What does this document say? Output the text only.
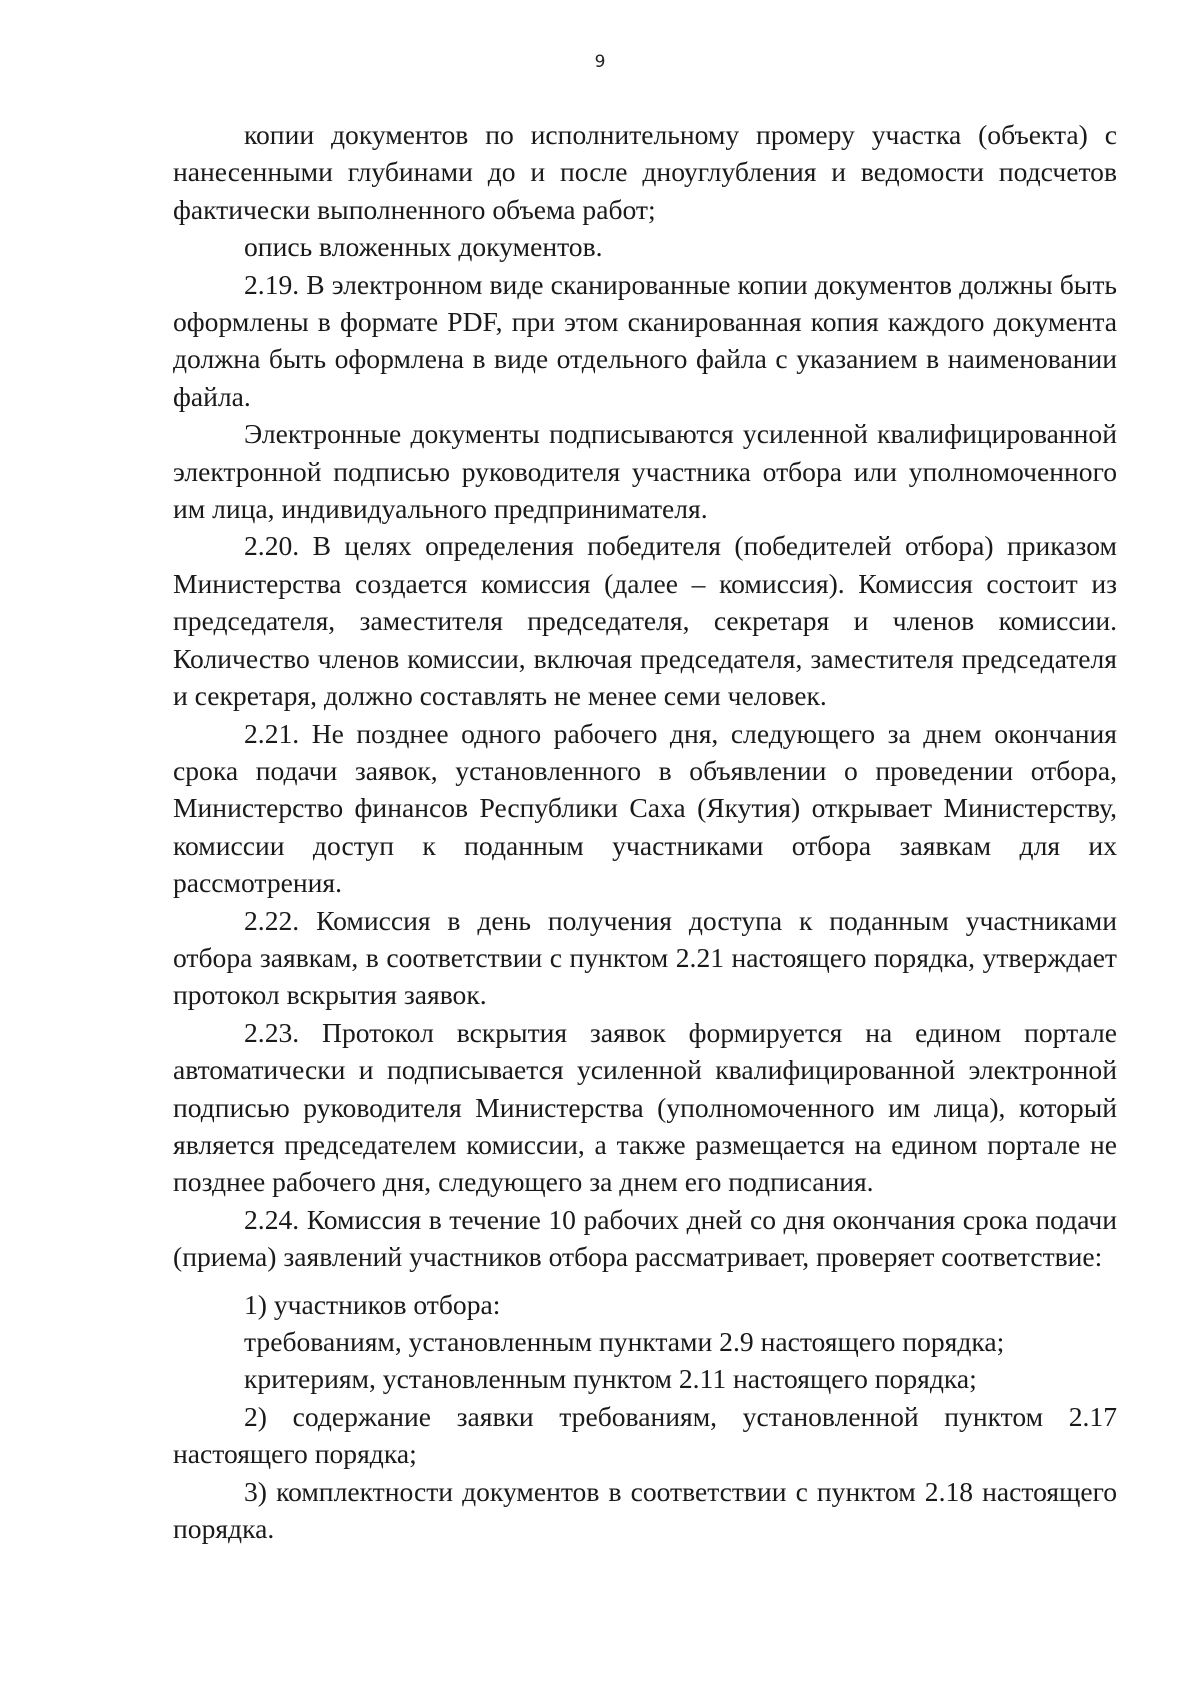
9

копии документов по исполнительному промеру участка (объекта) с нанесенными глубинами до и после дноуглубления и ведомости подсчетов фактически выполненного объема работ;

опись вложенных документов.

2.19. В электронном виде сканированные копии документов должны быть оформлены в формате PDF, при этом сканированная копия каждого документа должна быть оформлена в виде отдельного файла с указанием в наименовании файла.

Электронные документы подписываются усиленной квалифицированной электронной подписью руководителя участника отбора или уполномоченного им лица, индивидуального предпринимателя.

2.20. В целях определения победителя (победителей отбора) приказом Министерства создается комиссия (далее – комиссия). Комиссия состоит из председателя, заместителя председателя, секретаря и членов комиссии. Количество членов комиссии, включая председателя, заместителя председателя и секретаря, должно составлять не менее семи человек.

2.21. Не позднее одного рабочего дня, следующего за днем окончания срока подачи заявок, установленного в объявлении о проведении отбора, Министерство финансов Республики Саха (Якутия) открывает Министерству, комиссии доступ к поданным участниками отбора заявкам для их рассмотрения.

2.22. Комиссия в день получения доступа к поданным участниками отбора заявкам, в соответствии с пунктом 2.21 настоящего порядка, утверждает протокол вскрытия заявок.

2.23. Протокол вскрытия заявок формируется на едином портале автоматически и подписывается усиленной квалифицированной электронной подписью руководителя Министерства (уполномоченного им лица), который является председателем комиссии, а также размещается на едином портале не позднее рабочего дня, следующего за днем его подписания.

2.24. Комиссия в течение 10 рабочих дней со дня окончания срока подачи (приема) заявлений участников отбора рассматривает, проверяет соответствие:

1) участников отбора:

требованиям, установленным пунктами 2.9 настоящего порядка;

критериям, установленным пунктом 2.11 настоящего порядка;

2) содержание заявки требованиям, установленной пунктом 2.17 настоящего порядка;

3) комплектности документов в соответствии с пунктом 2.18 настоящего порядка.
